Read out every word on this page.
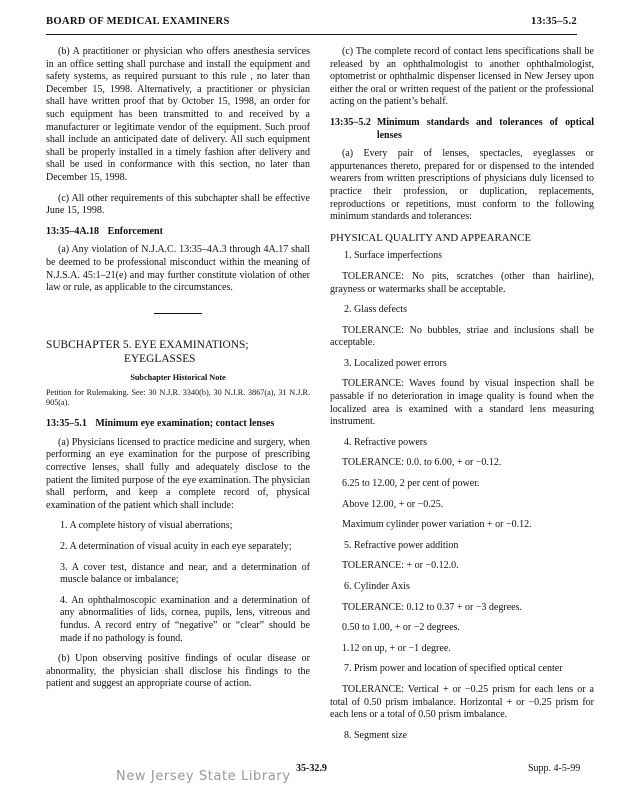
BOARD OF MEDICAL EXAMINERS	13:35–5.2

(b) A practitioner or physician who offers anesthesia services in an office setting shall purchase and install the equipment and safety systems, as required pursuant to this rule , no later than December 15, 1998. Alternatively, a practitioner or physician shall have written proof that by October 15, 1998, an order for such equipment has been transmitted to and received by a manufacturer or legitimate vendor of the equipment. Such proof shall include an anticipated date of delivery. All such equipment shall be properly installed in a timely fashion after delivery and shall be used in conformance with this section, no later than December 15, 1998.

(c) All other requirements of this subchapter shall be effective June 15, 1998.

13:35–4A.18 Enforcement

(a) Any violation of N.J.A.C. 13:35–4A.3 through 4A.17 shall be deemed to be professional misconduct within the meaning of N.J.S.A. 45:1–21(e) and may further constitute violation of other law or rule, as applicable to the circumstances.

SUBCHAPTER 5. EYE EXAMINATIONS;
EYEGLASSES
Subchapter Historical Note
Petition for Rulemaking. See: 30 N.J.R. 3340(b), 30 N.J.R. 3867(a), 31 N.J.R. 905(a).
13:35–5.1 Minimum eye examination; contact lenses

(a) Physicians licensed to practice medicine and surgery, when performing an eye examination for the purpose of prescribing corrective lenses, shall fully and adequately disclose to the patient the limited purpose of the eye examination. The physician shall perform, and keep a complete record of, physical examination of the patient which shall include:

1. A complete history of visual aberrations;

2. A determination of visual acuity in each eye separately;

3. A cover test, distance and near, and a determination of muscle balance or imbalance;

4. An ophthalmoscopic examination and a determination of any abnormalities of lids, cornea, pupils, lens, vitreous and fundus. A record entry of “negative” or “clear” should be made if no pathology is found.

(b) Upon observing positive findings of ocular disease or abnormality, the physician shall disclose his findings to the patient and suggest an appropriate course of action.

(c) The complete record of contact lens specifications shall be released by an ophthalmologist to another ophthalmologist, optometrist or ophthalmic dispenser licensed in New Jersey upon either the oral or written request of the patient or the professional acting on the patient’s behalf.

13:35–5.2 Minimum standards and tolerances of optical lenses

(a) Every pair of lenses, spectacles, eyeglasses or appurtenances thereto, prepared for or dispensed to the intended wearers from written prescriptions of physicians duly licensed to practice their profession, or duplication, replacements, reproductions or repetitions, must conform to the following minimum standards and tolerances:

PHYSICAL QUALITY AND APPEARANCE

1. Surface imperfections

TOLERANCE: No pits, scratches (other than hairline), grayness or watermarks shall be acceptable.

2. Glass defects

TOLERANCE: No bubbles, striae and inclusions shall be acceptable.

3. Localized power errors

TOLERANCE: Waves found by visual inspection shall be passable if no deterioration in image quality is found when the localized area is examined with a standard lens measuring instrument.

4. Refractive powers

TOLERANCE: 0.0. to 6.00, + or −0.12.

6.25 to 12.00, 2 per cent of power.

Above 12.00, + or −0.25.

Maximum cylinder power variation + or −0.12.

5. Refractive power addition

TOLERANCE: + or −0.12.0.

6. Cylinder Axis

TOLERANCE: 0.12 to 0.37 + or −3 degrees.

0.50 to 1.00, + or −2 degrees.

1.12 on up, + or −1 degree.

7. Prism power and location of specified optical center

TOLERANCE: Vertical + or −0.25 prism for each lens or a total of 0.50 prism imbalance. Horizontal + or −0.25 prism for each lens or a total of 0.50 prism imbalance.

8. Segment size

New Jersey State Library
35-32.9	Supp. 4-5-99
